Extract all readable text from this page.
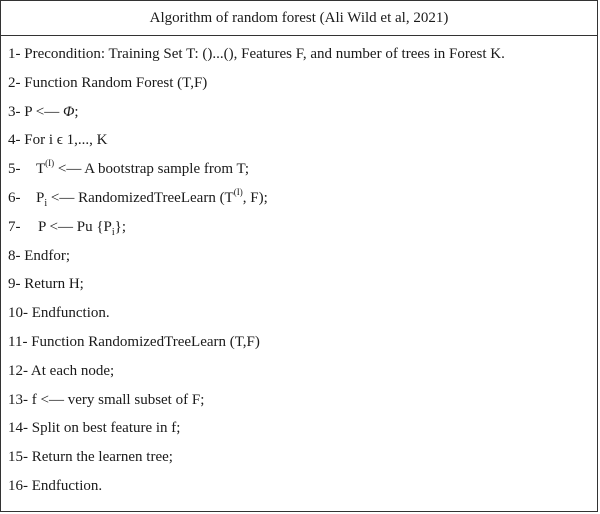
Algorithm of random forest (Ali Wild et al, 2021)
1- Precondition: Training Set T: ()...(), Features F, and number of trees in Forest K.
2- Function Random Forest (T,F)
3- P <— Φ;
4- For i ϵ 1,..., K
5- $T^{(I)}$ <— A bootstrap sample from T;
6- $P_i$ <— RandomizedTreeLearn ($T^{(I)}$, F);
7- P <— Pu $\{P_i\}$;
8- Endfor;
9- Return H;
10- Endfunction.
11- Function RandomizedTreeLearn (T,F)
12- At each node;
13- f <— very small subset of F;
14- Split on best feature in f;
15- Return the learnen tree;
16- Endfuction.
